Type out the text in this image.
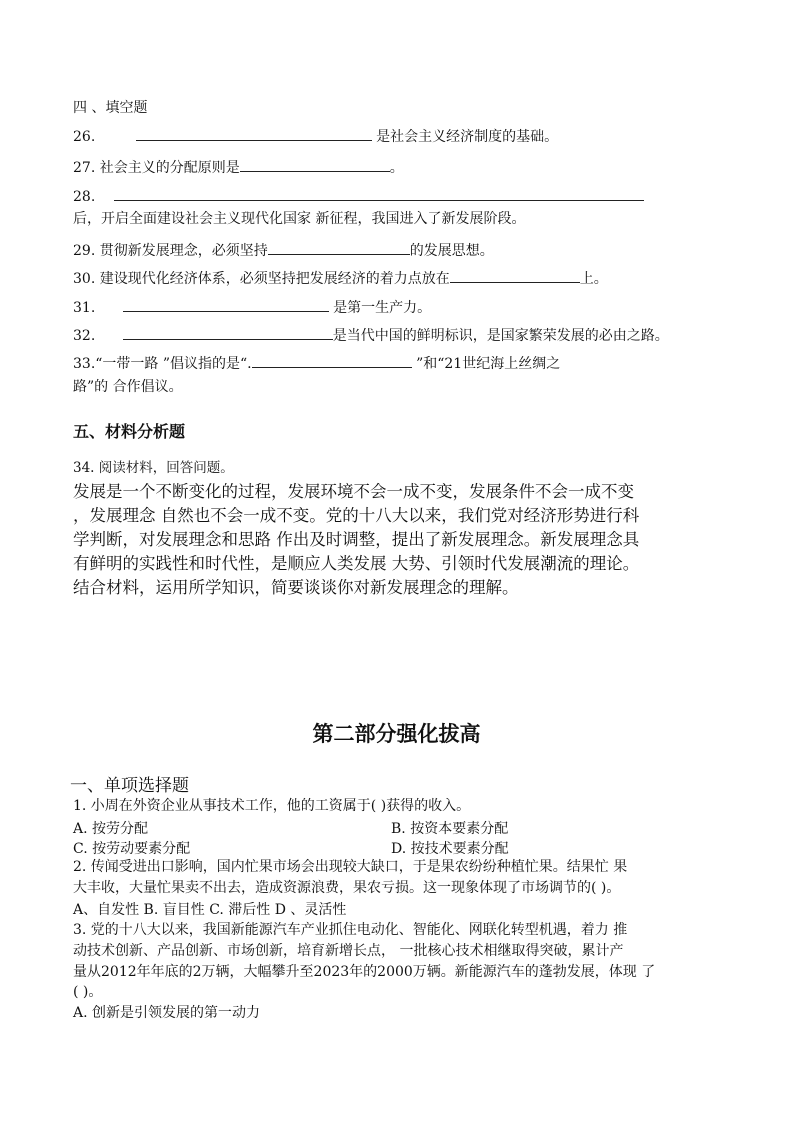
四 、填空题
26.	是社会主义经济制度的基础。
27. 社会主义的分配原则是	。
28.
后，开启全面建设社会主义现代化国家 新征程，我国进入了新发展阶段。
29. 贯彻新发展理念，必须坚持	的发展思想。
30. 建设现代化经济体系，必须坚持把发展经济的着力点放在	上。
31.	是第一生产力。
32.	是当代中国的鲜明标识，是国家繁荣发展的必由之路。
33.“一带一路 ”倡议指的是“.	”和“21世纪海上丝绸之
路”的 合作倡议。
五、材料分析题
34. 阅读材料，回答问题。
发展是一个不断变化的过程，发展环境不会一成不变，发展条件不会一成不变
，发展理念 自然也不会一成不变。党的十八大以来，我们党对经济形势进行科
学判断，对发展理念和思路 作出及时调整，提出了新发展理念。新发展理念具
有鲜明的实践性和时代性，是顺应人类发展 大势、引领时代发展潮流的理论。
结合材料，运用所学知识，简要谈谈你对新发展理念的理解。
第二部分强化拔高
一、单项选择题
1. 小周在外资企业从事技术工作，他的工资属于( )获得的收入。
A. 按劳分配	B. 按资本要素分配
C. 按劳动要素分配	D. 按技术要素分配
2. 传闻受进出口影响，国内忙果市场会出现较大缺口，于是果农纷纷种植忙果。结果忙 果
大丰收，大量忙果卖不出去，造成资源浪费，果农亏损。这一现象体现了市场调节的( )。
A、自发性 B. 盲目性 C. 滞后性 D 、灵活性
3. 党的十八大以来，我国新能源汽车产业抓住电动化、智能化、网联化转型机遇，着力 推
动技术创新、产品创新、市场创新，培育新增长点， 一批核心技术相继取得突破，累计产
量从2012年年底的2万辆，大幅攀升至2023年的2000万辆。新能源汽车的蓬勃发展，体现 了
( )。
A. 创新是引领发展的第一动力
